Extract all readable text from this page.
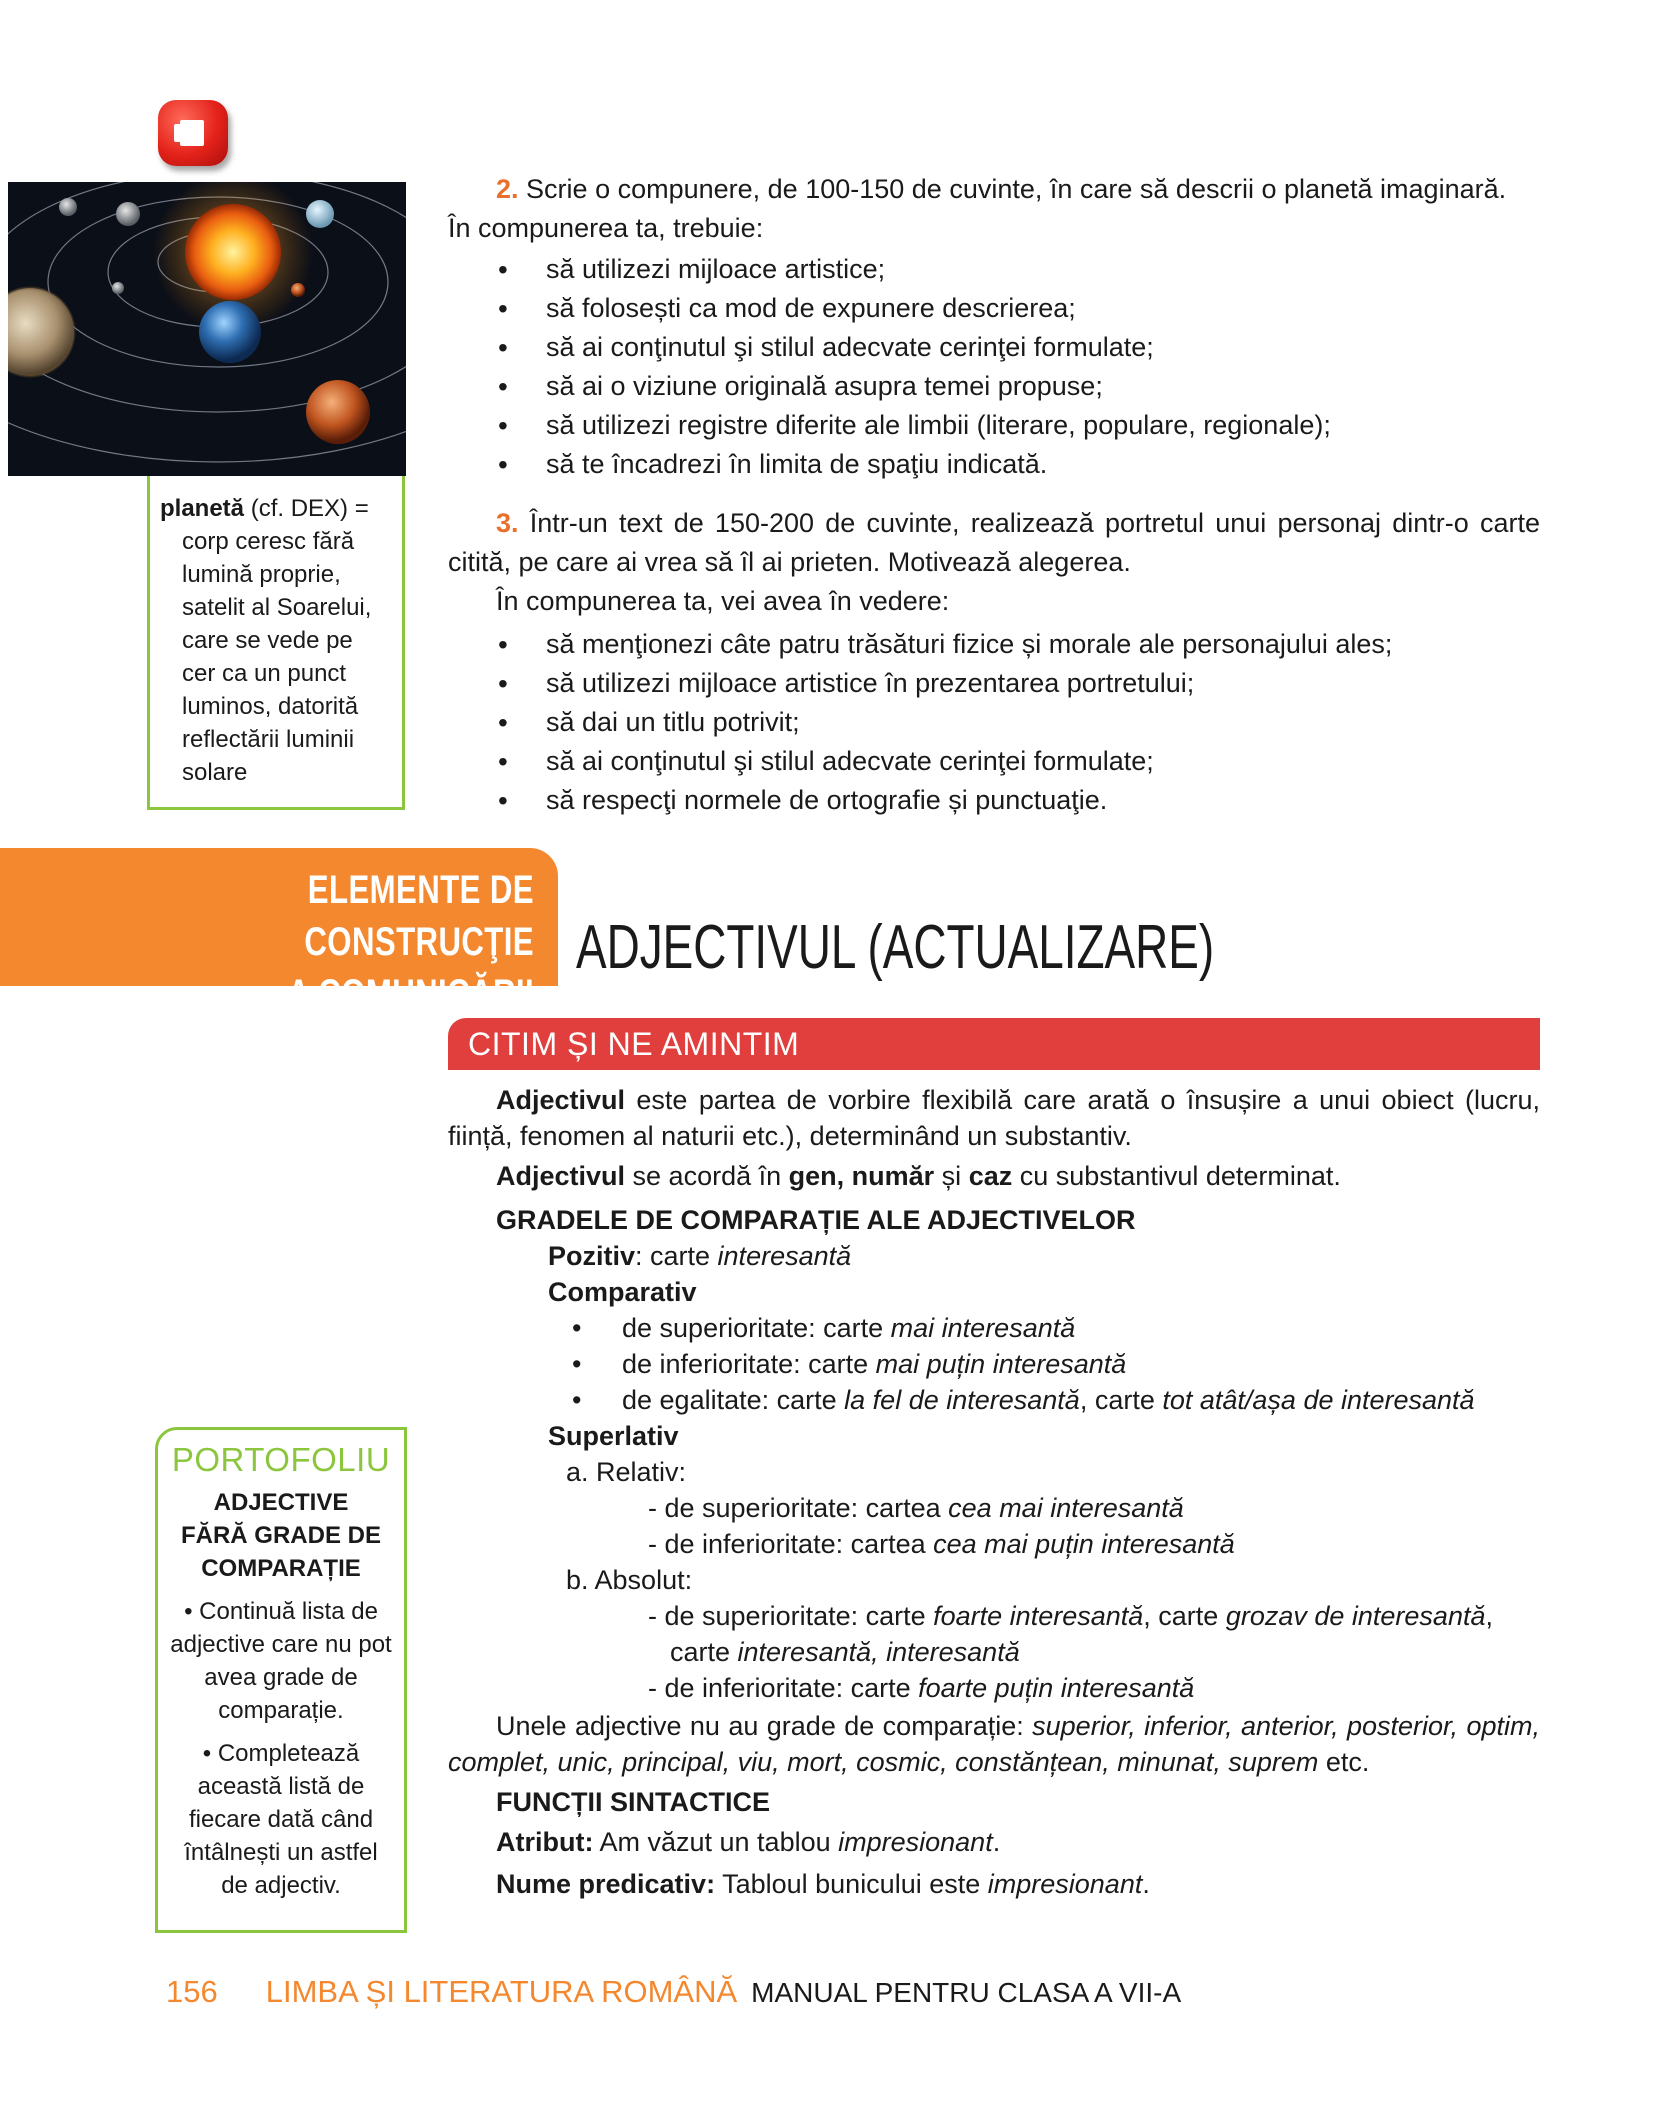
planetă (cf. DEX) =
corp ceresc fără
lumină proprie,
satelit al Soarelui,
care se vede pe
cer ca un punct
luminos, datorită
reflectării luminii
solare
2. Scrie o compunere, de 100-150 de cuvinte, în care să descrii o planetă imaginară.
În compunerea ta, trebuie:
• să utilizezi mijloace artistice;
• să folosești ca mod de expunere descrierea;
• să ai conţinutul şi stilul adecvate cerinţei formulate;
• să ai o viziune originală asupra temei propuse;
• să utilizezi registre diferite ale limbii (literare, populare, regionale);
• să te încadrezi în limita de spaţiu indicată.
3. Într-un text de 150-200 de cuvinte, realizează portretul unui personaj dintr-o carte citită, pe care ai vrea să îl ai prieten. Motivează alegerea.
În compunerea ta, vei avea în vedere:
• să menţionezi câte patru trăsături fizice și morale ale personajului ales;
• să utilizezi mijloace artistice în prezentarea portretului;
• să dai un titlu potrivit;
• să ai conţinutul şi stilul adecvate cerinţei formulate;
• să respecţi normele de ortografie și punctuaţie.
ELEMENTE DE CONSTRUCŢIE
A COMUNICĂRII
ADJECTIVUL (ACTUALIZARE)
CITIM ȘI NE AMINTIM

Adjectivul este partea de vorbire flexibilă care arată o însușire a unui obiect (lucru, ființă, fenomen al naturii etc.), determinând un substantiv.

Adjectivul se acordă în gen, număr și caz cu substantivul determinat.

GRADELE DE COMPARAȚIE ALE ADJECTIVELOR

Pozitiv: carte interesantă

Comparativ

• de superioritate: carte mai interesantă
• de inferioritate: carte mai puțin interesantă
• de egalitate: carte la fel de interesantă, carte tot atât/așa de interesantă

Superlativ

a. Relativ:

- de superioritate: cartea cea mai interesantă

- de inferioritate: cartea cea mai puțin interesantă

b. Absolut:

- de superioritate: carte foarte interesantă, carte grozav de interesantă,

carte interesantă, interesantă

- de inferioritate: carte foarte puțin interesantă

Unele adjective nu au grade de comparație: superior, inferior, anterior, posterior, optim, complet, unic, principal, viu, mort, cosmic, constănțean, minunat, suprem etc.

FUNCȚII SINTACTICE

Atribut: Am văzut un tablou impresionant.

Nume predicativ: Tabloul bunicului este impresionant.

PORTOFOLIU
ADJECTIVE FĂRĂ GRADE DE COMPARAȚIE
• Continuă lista de adjective care nu pot avea grade de comparație.
• Completează această listă de fiecare dată când întâlnești un astfel de adjectiv.
156 LIMBA ȘI LITERATURA ROMÂNĂ MANUAL PENTRU CLASA A VII-A
